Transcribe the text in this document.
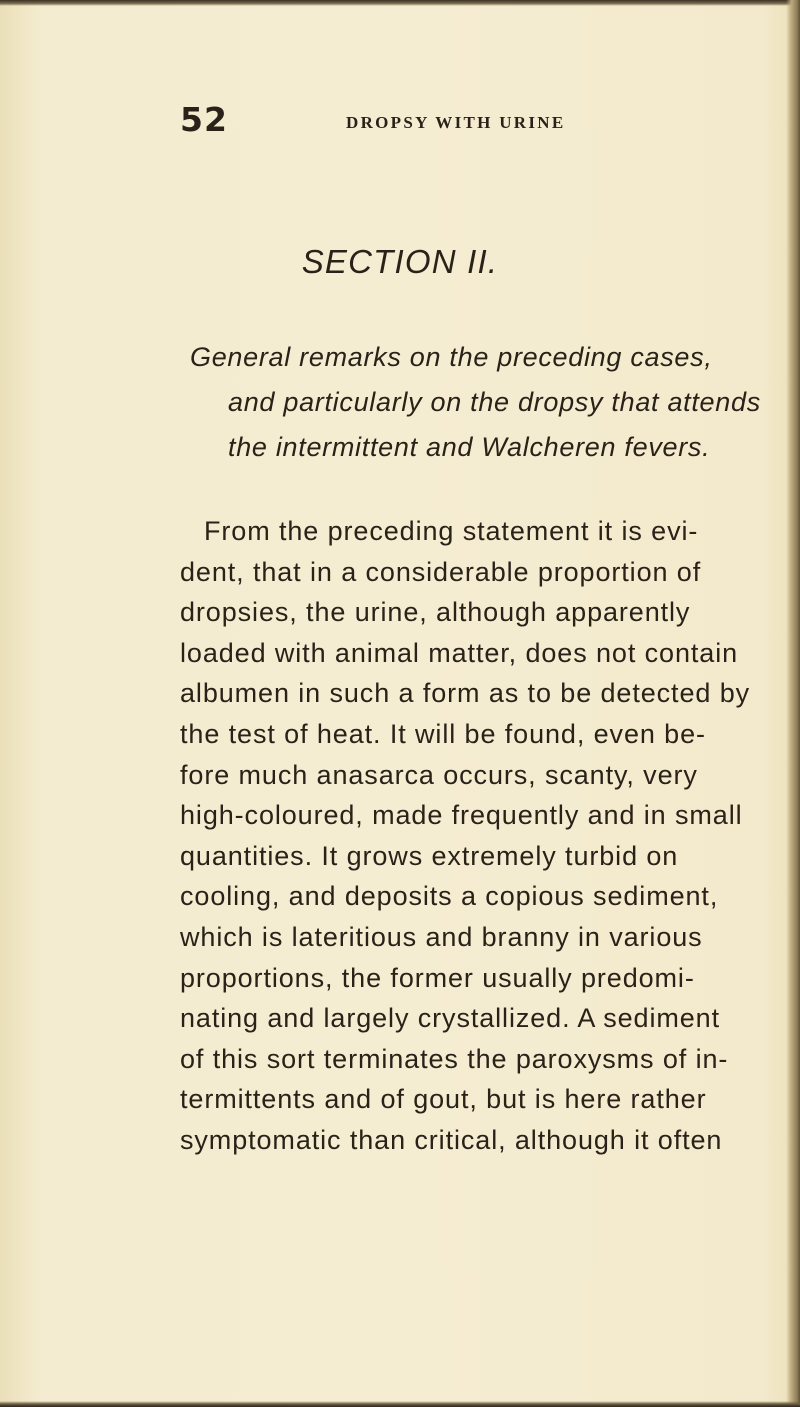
52	DROPSY WITH URINE
SECTION II.
General remarks on the preceding cases,
and particularly on the dropsy that attends
the intermittent and Walcheren fevers.
From the preceding statement it is evi-
dent, that in a considerable proportion of
dropsies, the urine, although apparently
loaded with animal matter, does not contain
albumen in such a form as to be detected by
the test of heat. It will be found, even be-
fore much anasarca occurs, scanty, very
high-coloured, made frequently and in small
quantities. It grows extremely turbid on
cooling, and deposits a copious sediment,
which is lateritious and branny in various
proportions, the former usually predomi-
nating and largely crystallized. A sediment
of this sort terminates the paroxysms of in-
termittents and of gout, but is here rather
symptomatic than critical, although it often
